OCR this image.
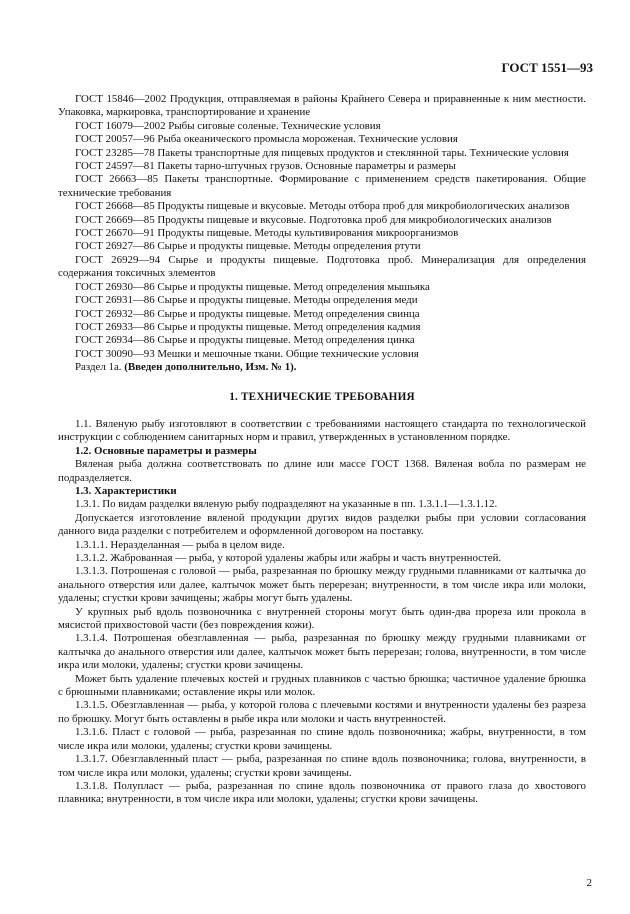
ГОСТ 1551—93

ГОСТ 15846—2002 Продукция, отправляемая в районы Крайнего Севера и приравненные к ним местности. Упаковка, маркировка, транспортирование и хранение

ГОСТ 16079—2002 Рыбы сиговые соленые. Технические условия

ГОСТ 20057—96 Рыба океанического промысла мороженая. Технические условия

ГОСТ 23285—78 Пакеты транспортные для пищевых продуктов и стеклянной тары. Технические условия

ГОСТ 24597—81 Пакеты тарно-штучных грузов. Основные параметры и размеры

ГОСТ 26663—85 Пакеты транспортные. Формирование с применением средств пакетирования. Общие технические требования

ГОСТ 26668—85 Продукты пищевые и вкусовые. Методы отбора проб для микробиологических анализов

ГОСТ 26669—85 Продукты пищевые и вкусовые. Подготовка проб для микробиологических анализов

ГОСТ 26670—91 Продукты пищевые. Методы культивирования микроорганизмов

ГОСТ 26927—86 Сырье и продукты пищевые. Методы определения ртути

ГОСТ 26929—94 Сырье и продукты пищевые. Подготовка проб. Минерализация для определения содержания токсичных элементов

ГОСТ 26930—86 Сырье и продукты пищевые. Метод определения мышьяка

ГОСТ 26931—86 Сырье и продукты пищевые. Методы определения меди

ГОСТ 26932—86 Сырье и продукты пищевые. Метод определения свинца

ГОСТ 26933—86 Сырье и продукты пищевые. Метод определения кадмия

ГОСТ 26934—86 Сырье и продукты пищевые. Метод определения цинка

ГОСТ 30090—93 Мешки и мешочные ткани. Общие технические условия

Раздел 1а. (Введен дополнительно, Изм. № 1).

1. ТЕХНИЧЕСКИЕ ТРЕБОВАНИЯ

1.1. Вяленую рыбу изготовляют в соответствии с требованиями настоящего стандарта по технологической инструкции с соблюдением санитарных норм и правил, утвержденных в установленном порядке.

1.2. Основные параметры и размеры

Вяленая рыба должна соответствовать по длине или массе ГОСТ 1368. Вяленая вобла по размерам не подразделяется.

1.3. Характеристики

1.3.1. По видам разделки вяленую рыбу подразделяют на указанные в пп. 1.3.1.1—1.3.1.12.

Допускается изготовление вяленой продукции других видов разделки рыбы при условии согласования данного вида разделки с потребителем и оформленной договором на поставку.

1.3.1.1. Неразделанная — рыба в целом виде.

1.3.1.2. Жаброванная — рыба, у которой удалены жабры или жабры и часть внутренностей.

1.3.1.3. Потрошеная с головой — рыба, разрезанная по брюшку между грудными плавниками от калтычка до анального отверстия или далее, калтычок может быть перерезан; внутренности, в том числе икра или молоки, удалены; сгустки крови зачищены; жабры могут быть удалены.

У крупных рыб вдоль позвоночника с внутренней стороны могут быть один-два прореза или прокола в мясистой прихвостовой части (без повреждения кожи).

1.3.1.4. Потрошеная обезглавленная — рыба, разрезанная по брюшку между грудными плавниками от калтычка до анального отверстия или далее, калтычок может быть перерезан; голова, внутренности, в том числе икра или молоки, удалены; сгустки крови зачищены.

Может быть удаление плечевых костей и грудных плавников с частью брюшка; частичное удаление брюшка с брюшными плавниками; оставление икры или молок.

1.3.1.5. Обезглавленная — рыба, у которой голова с плечевыми костями и внутренности удалены без разреза по брюшку. Могут быть оставлены в рыбе икра или молоки и часть внутренностей.

1.3.1.6. Пласт с головой — рыба, разрезанная по спине вдоль позвоночника; жабры, внутренности, в том числе икра или молоки, удалены; сгустки крови зачищены.

1.3.1.7. Обезглавленный пласт — рыба, разрезанная по спине вдоль позвоночника; голова, внутренности, в том числе икра или молоки, удалены; сгустки крови зачищены.

1.3.1.8. Полупласт — рыба, разрезанная по спине вдоль позвоночника от правого глаза до хвостового плавника; внутренности, в том числе икра или молоки, удалены; сгустки крови зачищены.

2
